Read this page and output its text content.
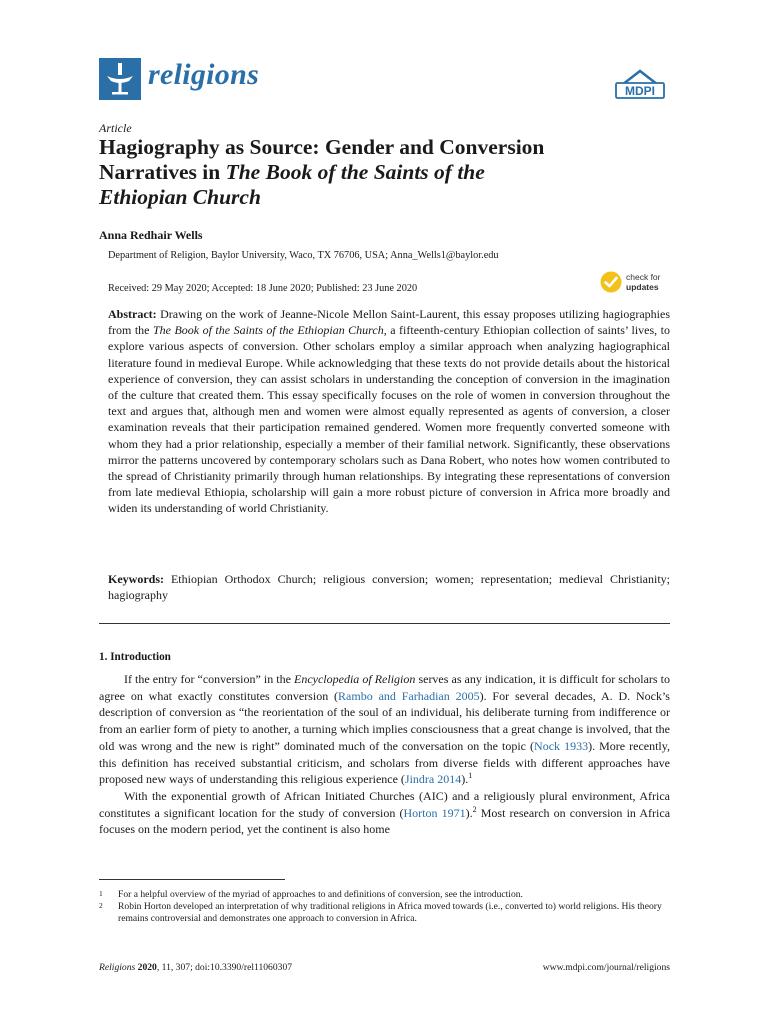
religions	MDPI
Article
Hagiography as Source: Gender and Conversion
Narratives in The Book of the Saints of the
Ethiopian Church
Anna Redhair Wells
Department of Religion, Baylor University, Waco, TX 76706, USA; Anna_Wells1@baylor.edu
Received: 29 May 2020; Accepted: 18 June 2020; Published: 23 June 2020
check for
updates
Abstract: Drawing on the work of Jeanne-Nicole Mellon Saint-Laurent, this essay proposes utilizing hagiographies from the The Book of the Saints of the Ethiopian Church, a fifteenth-century Ethiopian collection of saints’ lives, to explore various aspects of conversion. Other scholars employ a similar approach when analyzing hagiographical literature found in medieval Europe. While acknowledging that these texts do not provide details about the historical experience of conversion, they can assist scholars in understanding the conception of conversion in the imagination of the culture that created them. This essay specifically focuses on the role of women in conversion throughout the text and argues that, although men and women were almost equally represented as agents of conversion, a closer examination reveals that their participation remained gendered. Women more frequently converted someone with whom they had a prior relationship, especially a member of their familial network. Significantly, these observations mirror the patterns uncovered by contemporary scholars such as Dana Robert, who notes how women contributed to the spread of Christianity primarily through human relationships. By integrating these representations of conversion from late medieval Ethiopia, scholarship will gain a more robust picture of conversion in Africa more broadly and widen its understanding of world Christianity.
Keywords: Ethiopian Orthodox Church; religious conversion; women; representation; medieval Christianity; hagiography
1. Introduction

If the entry for “conversion” in the Encyclopedia of Religion serves as any indication, it is difficult for scholars to agree on what exactly constitutes conversion (Rambo and Farhadian 2005). For several decades, A. D. Nock’s description of conversion as “the reorientation of the soul of an individual, his deliberate turning from indifference or from an earlier form of piety to another, a turning which implies consciousness that a great change is involved, that the old was wrong and the new is right” dominated much of the conversation on the topic (Nock 1933). More recently, this definition has received substantial criticism, and scholars from diverse fields with different approaches have proposed new ways of understanding this religious experience (Jindra 2014).$^1$

With the exponential growth of African Initiated Churches (AIC) and a religiously plural environment, Africa constitutes a significant location for the study of conversion (Horton 1971).$^2$ Most research on conversion in Africa focuses on the modern period, yet the continent is also home

1 For a helpful overview of the myriad of approaches to and definitions of conversion, see the introduction.

2 Robin Horton developed an interpretation of why traditional religions in Africa moved towards (i.e., converted to) world religions. His theory remains controversial and demonstrates one approach to conversion in Africa.

Religions 2020, 11, 307; doi:10.3390/rel11060307	www.mdpi.com/journal/religions
